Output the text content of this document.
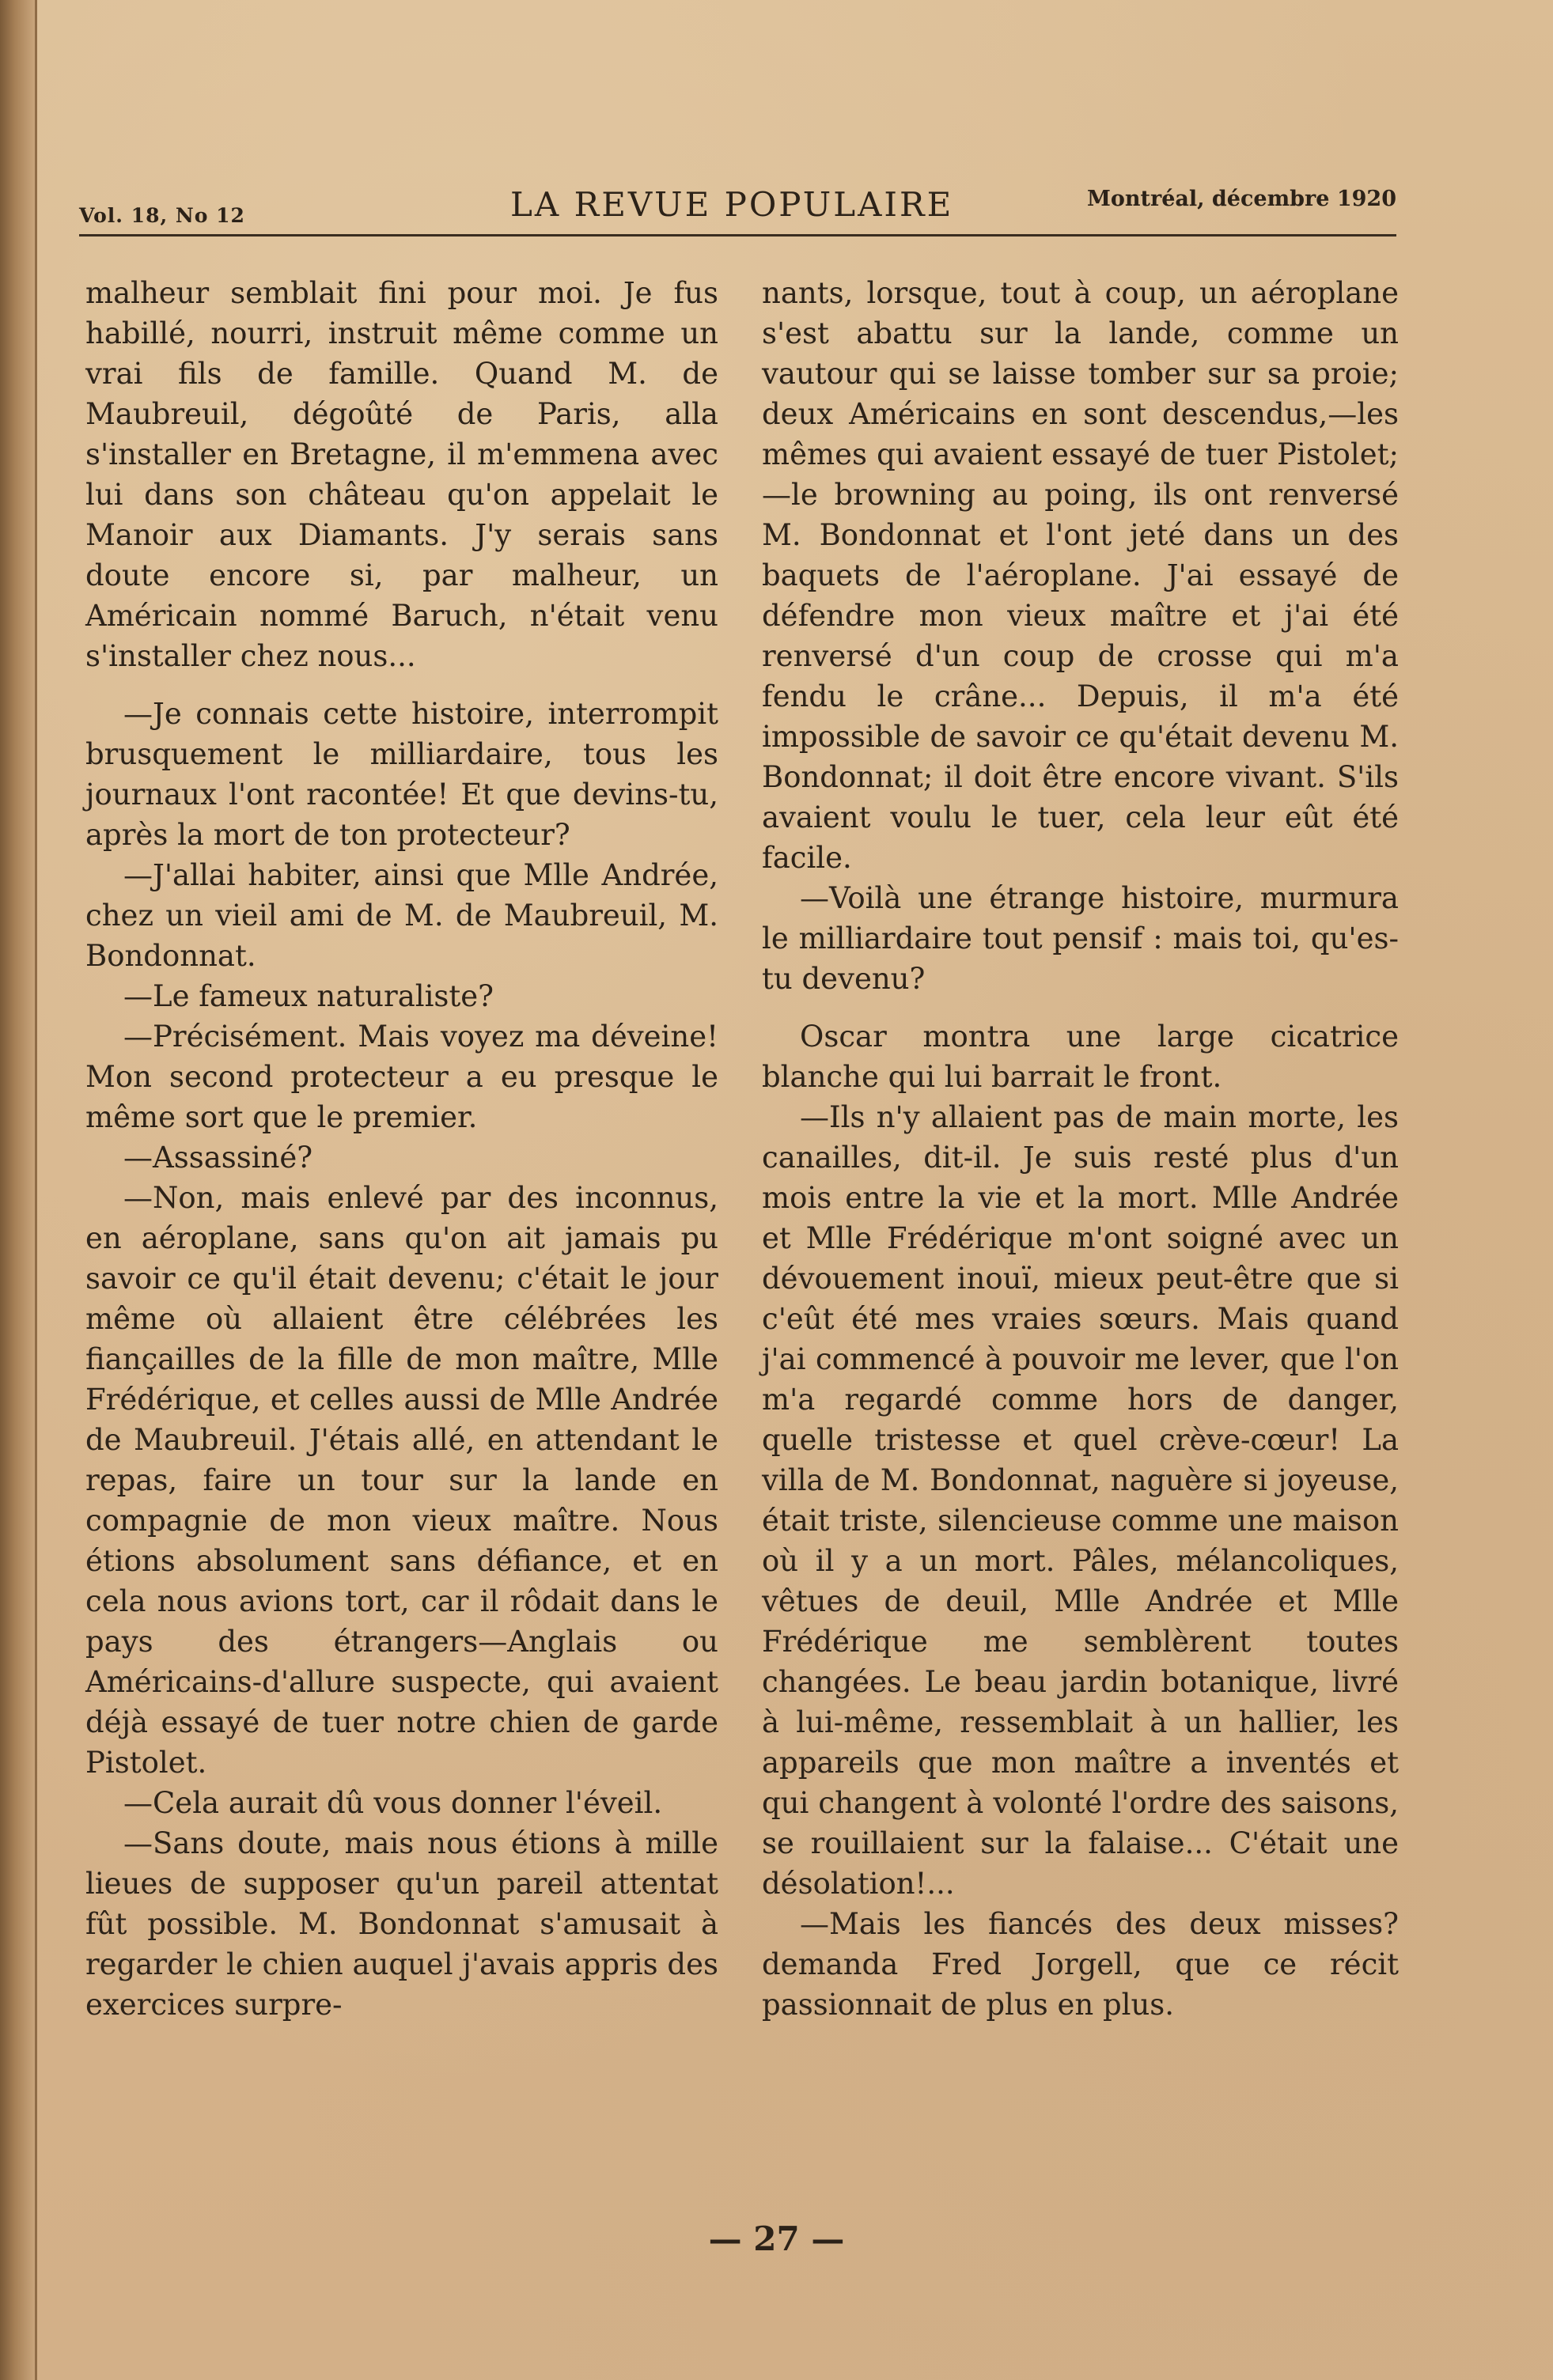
Vol. 18, No 12	LA REVUE POPULAIRE	Montréal, décembre 1920

malheur semblait fini pour moi. Je fus habillé, nourri, instruit même comme un vrai fils de famille. Quand M. de Maubreuil, dégoûté de Paris, alla s'installer en Bretagne, il m'emmena avec lui dans son château qu'on appelait le Manoir aux Diamants. J'y serais sans doute encore si, par malheur, un Américain nommé Baruch, n'était venu s'installer chez nous...

—Je connais cette histoire, interrompit brusquement le milliardaire, tous les journaux l'ont racontée! Et que devins-tu, après la mort de ton protecteur?

—J'allai habiter, ainsi que Mlle Andrée, chez un vieil ami de M. de Maubreuil, M. Bondonnat.

—Le fameux naturaliste?

—Précisément. Mais voyez ma déveine! Mon second protecteur a eu presque le même sort que le premier.

—Assassiné?

—Non, mais enlevé par des inconnus, en aéroplane, sans qu'on ait jamais pu savoir ce qu'il était devenu; c'était le jour même où allaient être célébrées les fiançailles de la fille de mon maître, Mlle Frédérique, et celles aussi de Mlle Andrée de Maubreuil. J'étais allé, en attendant le repas, faire un tour sur la lande en compagnie de mon vieux maître. Nous étions absolument sans défiance, et en cela nous avions tort, car il rôdait dans le pays des étrangers—Anglais ou Américains-d'allure suspecte, qui avaient déjà essayé de tuer notre chien de garde Pistolet.

—Cela aurait dû vous donner l'éveil.

—Sans doute, mais nous étions à mille lieues de supposer qu'un pareil attentat fût possible. M. Bondonnat s'amusait à regarder le chien auquel j'avais appris des exercices surpre-

nants, lorsque, tout à coup, un aéroplane s'est abattu sur la lande, comme un vautour qui se laisse tomber sur sa proie; deux Américains en sont descendus,—les mêmes qui avaient essayé de tuer Pistolet;—le browning au poing, ils ont renversé M. Bondonnat et l'ont jeté dans un des baquets de l'aéroplane. J'ai essayé de défendre mon vieux maître et j'ai été renversé d'un coup de crosse qui m'a fendu le crâne... Depuis, il m'a été impossible de savoir ce qu'était devenu M. Bondonnat; il doit être encore vivant. S'ils avaient voulu le tuer, cela leur eût été facile.

—Voilà une étrange histoire, murmura le milliardaire tout pensif : mais toi, qu'es-tu devenu?

Oscar montra une large cicatrice blanche qui lui barrait le front.

—Ils n'y allaient pas de main morte, les canailles, dit-il. Je suis resté plus d'un mois entre la vie et la mort. Mlle Andrée et Mlle Frédérique m'ont soigné avec un dévouement inouï, mieux peut-être que si c'eût été mes vraies sœurs. Mais quand j'ai commencé à pouvoir me lever, que l'on m'a regardé comme hors de danger, quelle tristesse et quel crève-cœur! La villa de M. Bondonnat, naguère si joyeuse, était triste, silencieuse comme une maison où il y a un mort. Pâles, mélancoliques, vêtues de deuil, Mlle Andrée et Mlle Frédérique me semblèrent toutes changées. Le beau jardin botanique, livré à lui-même, ressemblait à un hallier, les appareils que mon maître a inventés et qui changent à volonté l'ordre des saisons, se rouillaient sur la falaise... C'était une désolation!...

—Mais les fiancés des deux misses? demanda Fred Jorgell, que ce récit passionnait de plus en plus.

— 27 —
